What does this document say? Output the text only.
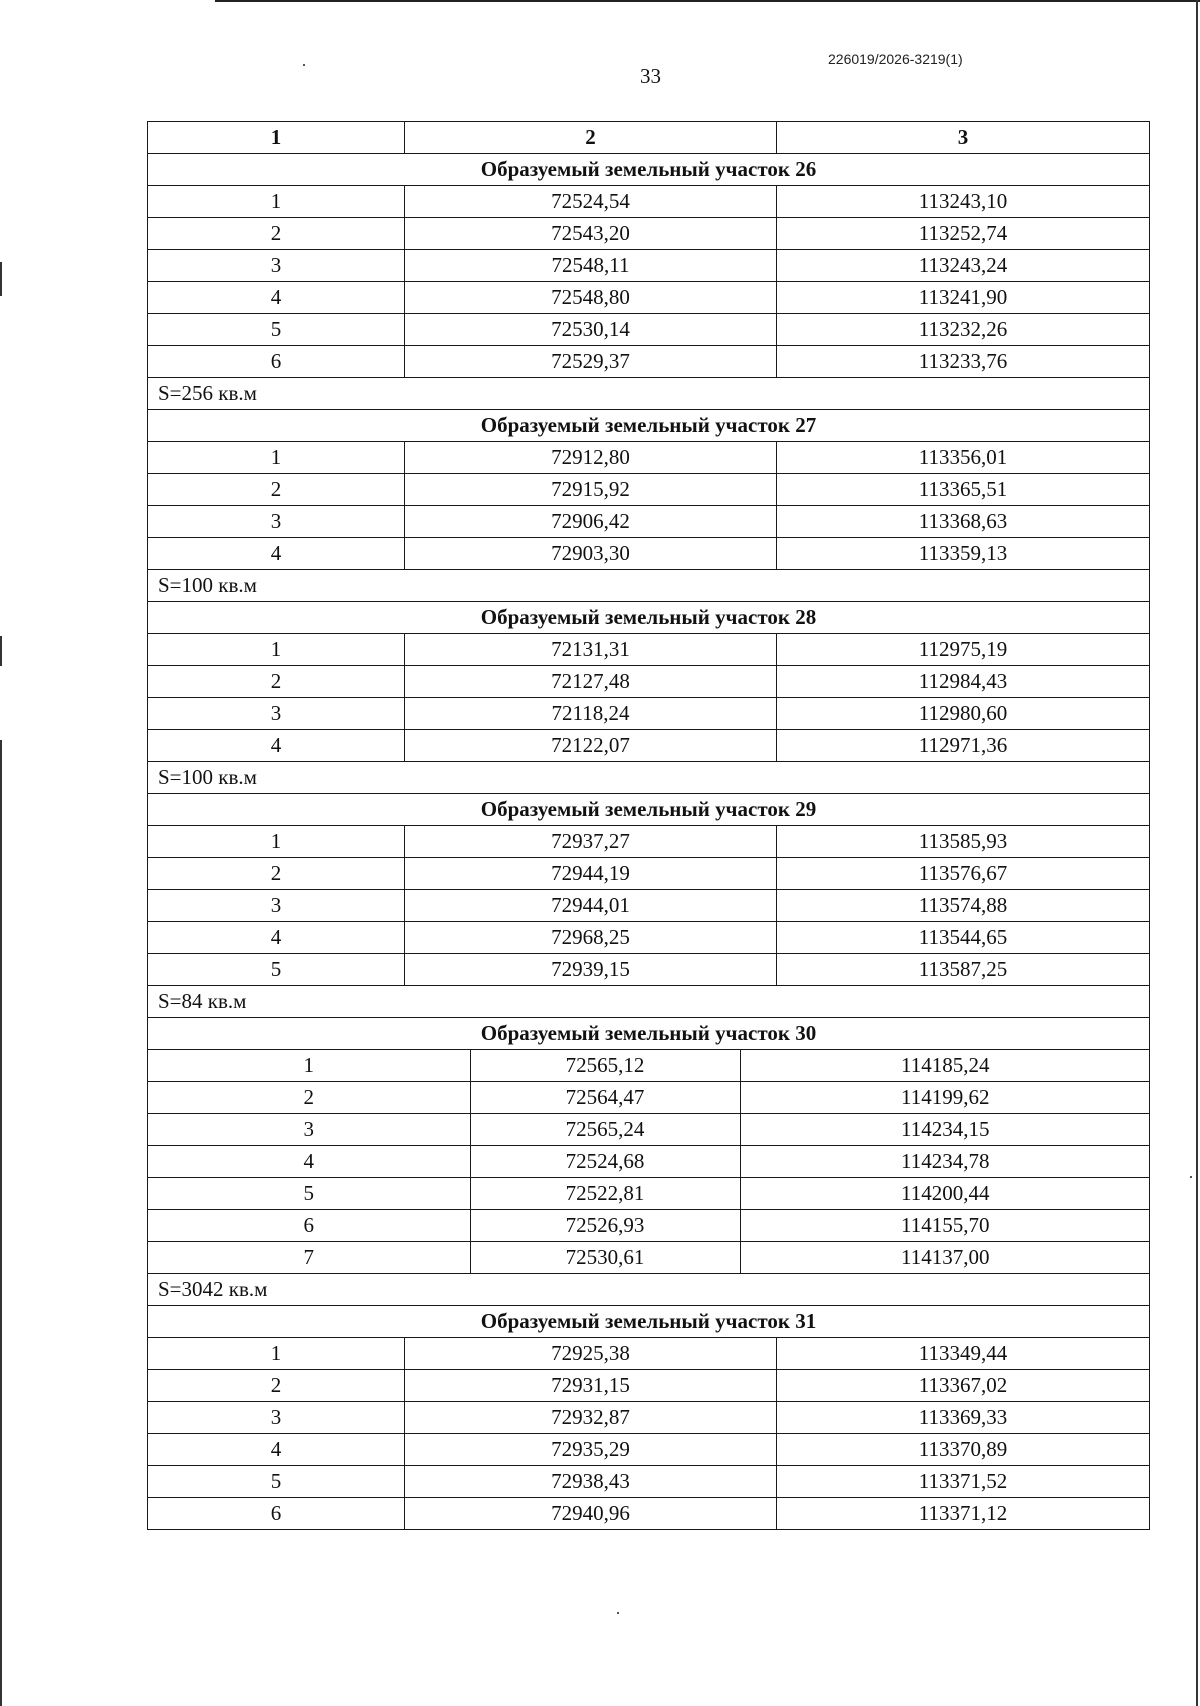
226019/2026-3219(1)
33
1	2	3
Образуемый земельный участок 26
1	72524,54	113243,10
2	72543,20	113252,74
3	72548,11	113243,24
4	72548,80	113241,90
5	72530,14	113232,26
6	72529,37	113233,76
S=256 кв.м
Образуемый земельный участок 27
1	72912,80	113356,01
2	72915,92	113365,51
3	72906,42	113368,63
4	72903,30	113359,13
S=100 кв.м
Образуемый земельный участок 28
1	72131,31	112975,19
2	72127,48	112984,43
3	72118,24	112980,60
4	72122,07	112971,36
S=100 кв.м
Образуемый земельный участок 29
1	72937,27	113585,93
2	72944,19	113576,67
3	72944,01	113574,88
4	72968,25	113544,65
5	72939,15	113587,25
S=84 кв.м
Образуемый земельный участок 30

1	72565,12	114185,24

2	72564,47	114199,62

3	72565,24	114234,15

4	72524,68	114234,78

5	72522,81	114200,44

6	72526,93	114155,70

7	72530,61	114137,00

S=3042 кв.м
Образуемый земельный участок 31
1	72925,38	113349,44
2	72931,15	113367,02
3	72932,87	113369,33
4	72935,29	113370,89
5	72938,43	113371,52
6	72940,96	113371,12
